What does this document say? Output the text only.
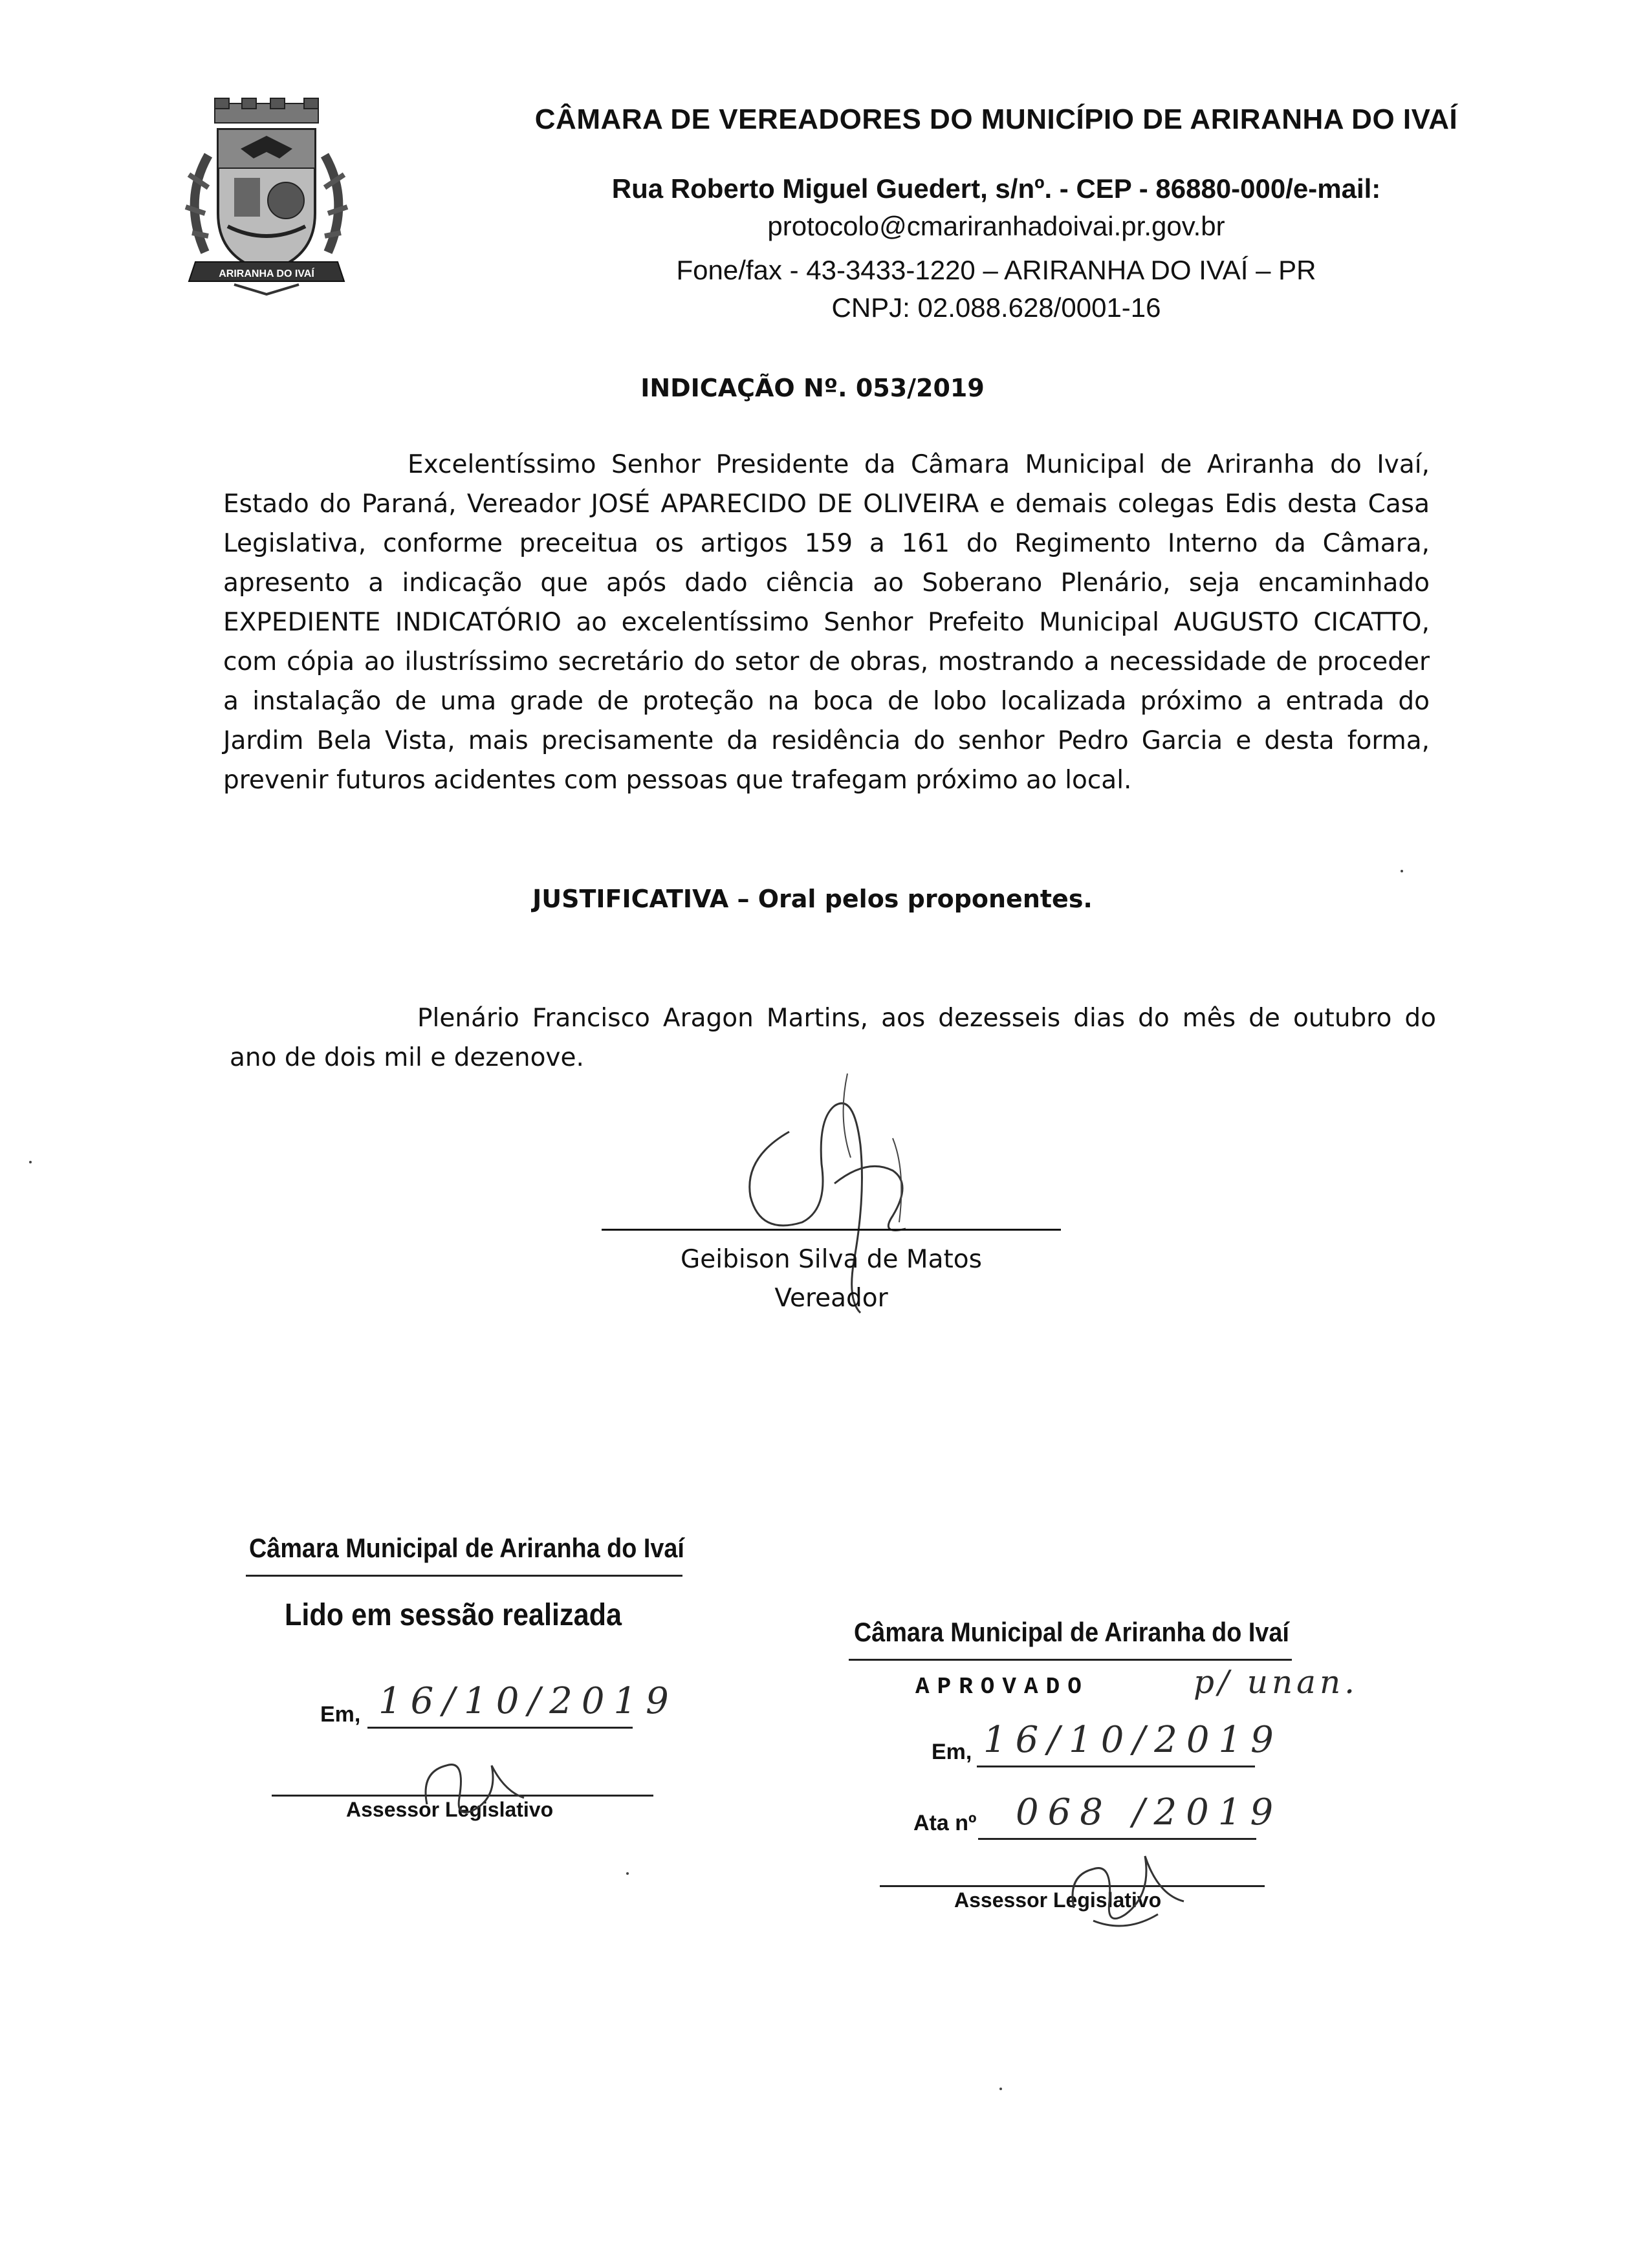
ARIRANHA DO IVAÍ
CÂMARA DE VEREADORES DO MUNICÍPIO DE ARIRANHA DO IVAÍ
Rua Roberto Miguel Guedert, s/nº. - CEP - 86880-000/e-mail:
protocolo@cmariranhadoivai.pr.gov.br
Fone/fax - 43-3433-1220 – ARIRANHA DO IVAÍ – PR
CNPJ: 02.088.628/0001-16
INDICAÇÃO Nº. 053/2019
Excelentíssimo Senhor Presidente da Câmara Municipal de Ariranha do Ivaí, Estado do Paraná, Vereador JOSÉ APARECIDO DE OLIVEIRA e demais colegas Edis desta Casa Legislativa, conforme preceitua os artigos 159 a 161 do Regimento Interno da Câmara, apresento a indicação que após dado ciência ao Soberano Plenário, seja encaminhado EXPEDIENTE INDICATÓRIO ao excelentíssimo Senhor Prefeito Municipal AUGUSTO CICATTO, com cópia ao ilustríssimo secretário do setor de obras, mostrando a necessidade de proceder a instalação de uma grade de proteção na boca de lobo localizada próximo a entrada do Jardim Bela Vista, mais precisamente da residência do senhor Pedro Garcia e desta forma, prevenir futuros acidentes com pessoas que trafegam próximo ao local.
JUSTIFICATIVA – Oral pelos proponentes.
Plenário Francisco Aragon Martins, aos dezesseis dias do mês de outubro do ano de dois mil e dezenove.
Geibison Silva de Matos
Vereador
Câmara Municipal de Ariranha do Ivaí
Lido em sessão realizada
Em, 16/10/2019
Assessor Legislativo
Câmara Municipal de Ariranha do Ivaí
APROVADO	p/ unan.
Em, 16/10/2019
Ata nº 068 /2019
Assessor Legislativo
